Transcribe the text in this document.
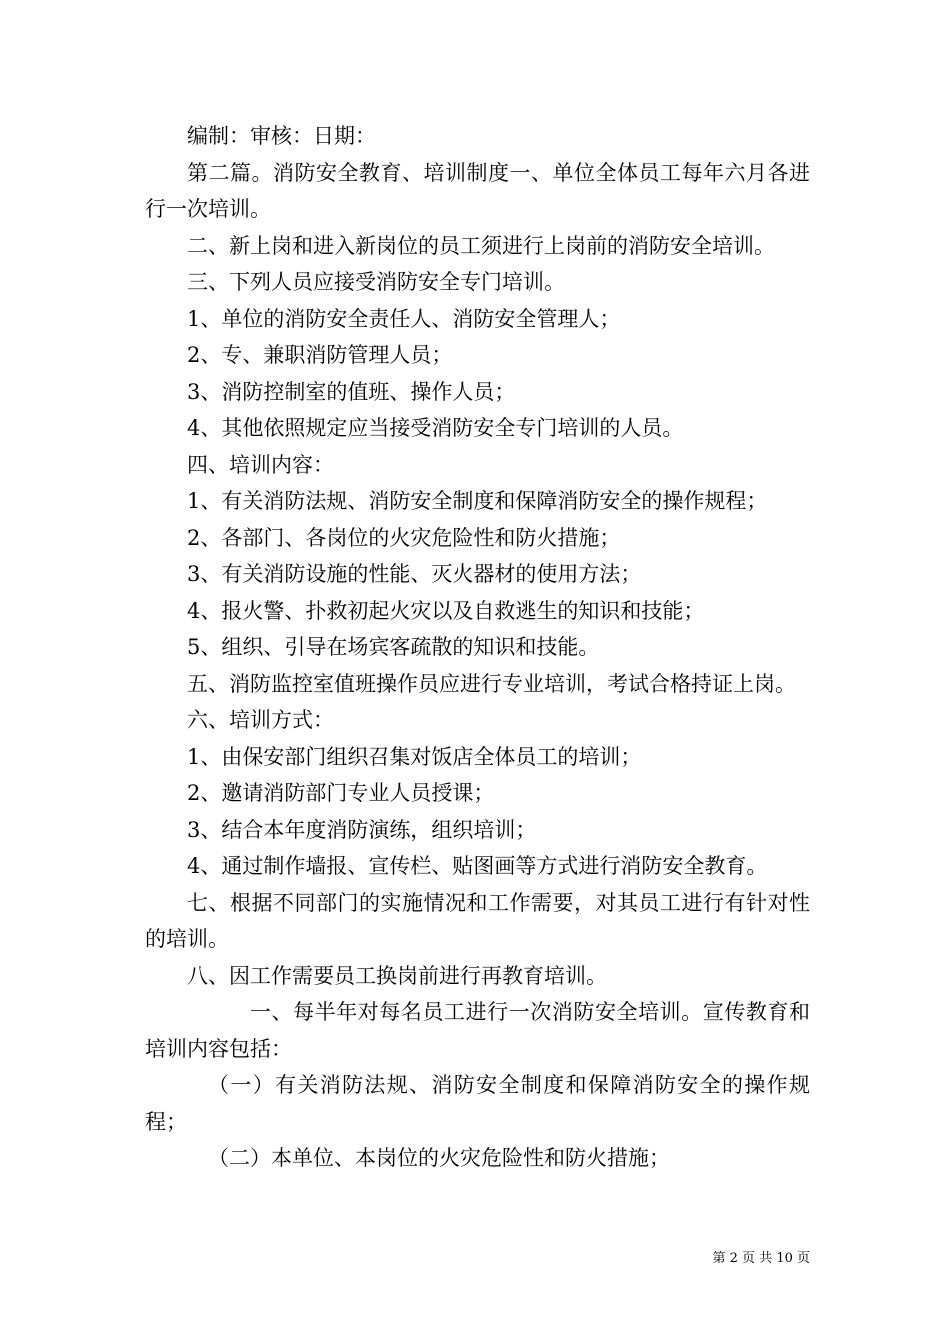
编制：审核：日期：

第二篇。消防安全教育、培训制度一、单位全体员工每年六月各进行一次培训。

二、新上岗和进入新岗位的员工须进行上岗前的消防安全培训。

三、下列人员应接受消防安全专门培训。

1、单位的消防安全责任人、消防安全管理人；

2、专、兼职消防管理人员；

3、消防控制室的值班、操作人员；

4、其他依照规定应当接受消防安全专门培训的人员。

四、培训内容：

1、有关消防法规、消防安全制度和保障消防安全的操作规程；

2、各部门、各岗位的火灾危险性和防火措施；

3、有关消防设施的性能、灭火器材的使用方法；

4、报火警、扑救初起火灾以及自救逃生的知识和技能；

5、组织、引导在场宾客疏散的知识和技能。

五、消防监控室值班操作员应进行专业培训，考试合格持证上岗。

六、培训方式：

1、由保安部门组织召集对饭店全体员工的培训；

2、邀请消防部门专业人员授课；

3、结合本年度消防演练，组织培训；

4、通过制作墙报、宣传栏、贴图画等方式进行消防安全教育。

七、根据不同部门的实施情况和工作需要，对其员工进行有针对性的培训。

八、因工作需要员工换岗前进行再教育培训。

一、每半年对每名员工进行一次消防安全培训。宣传教育和培训内容包括：

（一）有关消防法规、消防安全制度和保障消防安全的操作规程；

（二）本单位、本岗位的火灾危险性和防火措施；

第 2 页 共 10 页
